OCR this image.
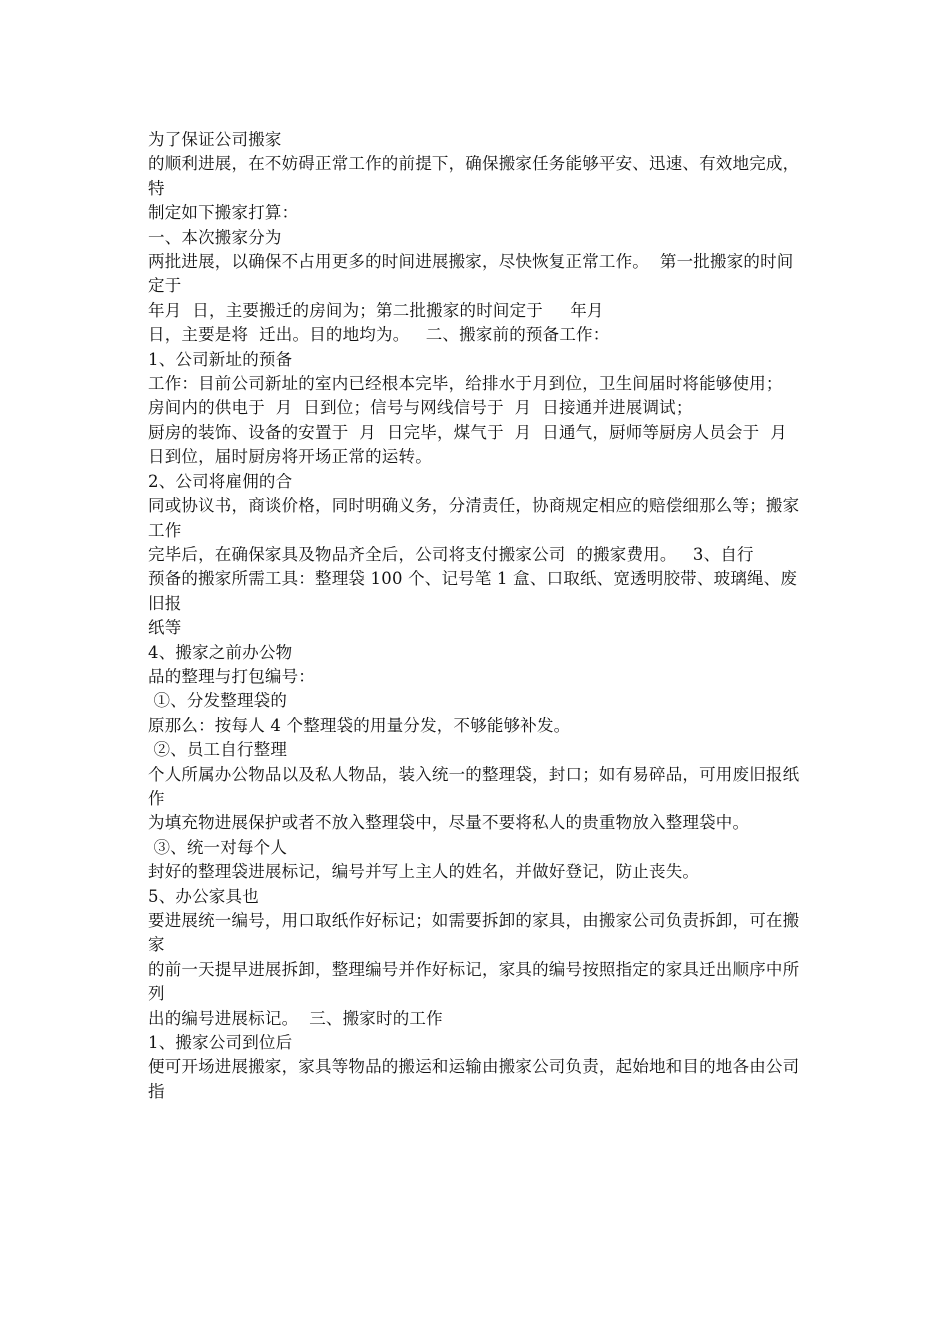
为了保证公司搬家
的顺利进展，在不妨碍正常工作的前提下，确保搬家任务能够平安、迅速、有效地完成，特
制定如下搬家打算：
一、本次搬家分为
两批进展，以确保不占用更多的时间进展搬家，尽快恢复正常工作。  第一批搬家的时间定于
年月  日，主要搬迁的房间为；第二批搬家的时间定于     年月
日，主要是将  迁出。目的地均为。   二、搬家前的预备工作：
1、公司新址的预备
工作：目前公司新址的室内已经根本完毕，给排水于月到位，卫生间届时将能够使用；
房间内的供电于  月  日到位；信号与网线信号于  月  日接通并进展调试；
厨房的装饰、设备的安置于  月  日完毕，煤气于  月  日通气，厨师等厨房人员会于  月  日到位，届时厨房将开场正常的运转。
2、公司将雇佣的合
同或协议书，商谈价格，同时明确义务，分清责任，协商规定相应的赔偿细那么等；搬家工作
完毕后，在确保家具及物品齐全后，公司将支付搬家公司  的搬家费用。   3、自行
预备的搬家所需工具：整理袋 100 个、记号笔 1 盒、口取纸、宽透明胶带、玻璃绳、废旧报
纸等
4、搬家之前办公物
品的整理与打包编号：
①、分发整理袋的
原那么：按每人 4 个整理袋的用量分发，不够能够补发。
②、员工自行整理
个人所属办公物品以及私人物品，装入统一的整理袋，封口；如有易碎品，可用废旧报纸作
为填充物进展保护或者不放入整理袋中，尽量不要将私人的贵重物放入整理袋中。
③、统一对每个人
封好的整理袋进展标记，编号并写上主人的姓名，并做好登记，防止丧失。
5、办公家具也
要进展统一编号，用口取纸作好标记；如需要拆卸的家具，由搬家公司负责拆卸，可在搬家
的前一天提早进展拆卸，整理编号并作好标记，家具的编号按照指定的家具迁出顺序中所列
出的编号进展标记。  三、搬家时的工作
1、搬家公司到位后
便可开场进展搬家，家具等物品的搬运和运输由搬家公司负责，起始地和目的地各由公司指
